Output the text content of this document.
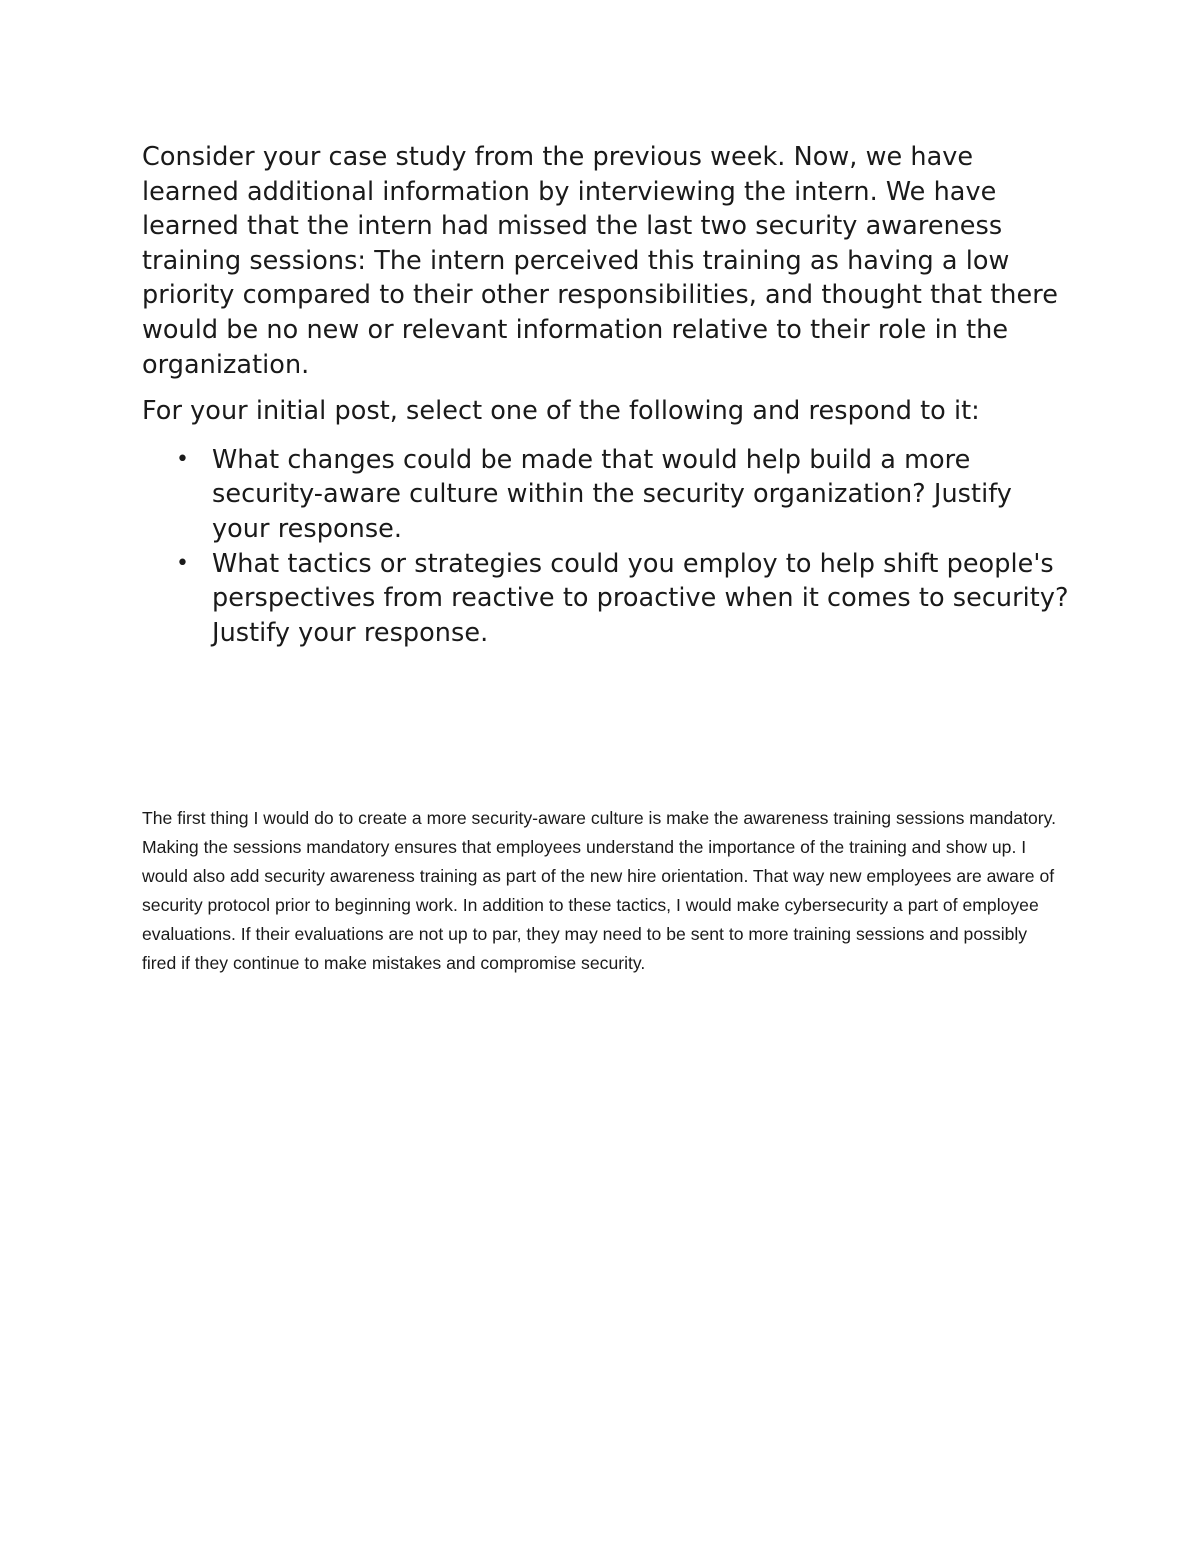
Consider your case study from the previous week. Now, we have learned additional information by interviewing the intern. We have learned that the intern had missed the last two security awareness training sessions: The intern perceived this training as having a low priority compared to their other responsibilities, and thought that there would be no new or relevant information relative to their role in the organization.

For your initial post, select one of the following and respond to it:

• What changes could be made that would help build a more security-aware culture within the security organization? Justify your response.
• What tactics or strategies could you employ to help shift people's perspectives from reactive to proactive when it comes to security? Justify your response.

The first thing I would do to create a more security-aware culture is make the awareness training sessions mandatory. Making the sessions mandatory ensures that employees understand the importance of the training and show up. I would also add security awareness training as part of the new hire orientation. That way new employees are aware of security protocol prior to beginning work. In addition to these tactics, I would make cybersecurity a part of employee evaluations. If their evaluations are not up to par, they may need to be sent to more training sessions and possibly fired if they continue to make mistakes and compromise security.
